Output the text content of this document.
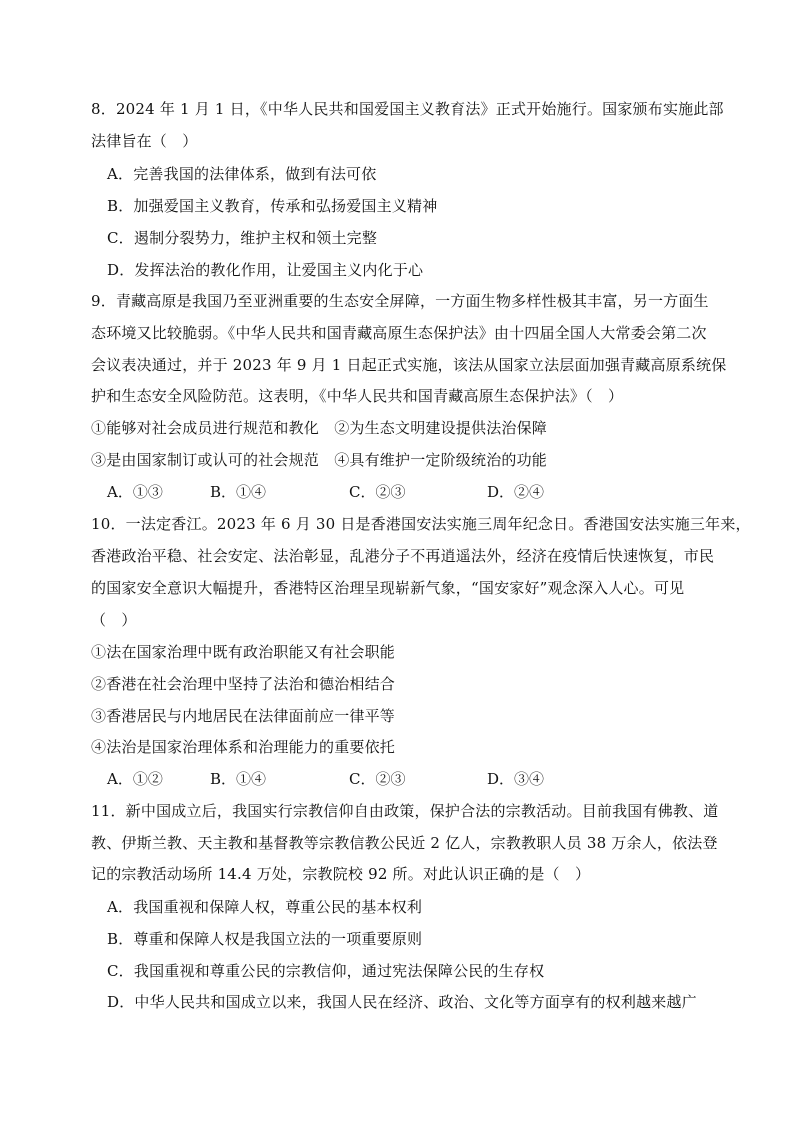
8．2024 年 1 月 1 日，《中华人民共和国爱国主义教育法》正式开始施行。国家颁布实施此部
法律旨在（　）
A．完善我国的法律体系，做到有法可依
B．加强爱国主义教育，传承和弘扬爱国主义精神
C．遏制分裂势力，维护主权和领土完整
D．发挥法治的教化作用，让爱国主义内化于心
9．青藏高原是我国乃至亚洲重要的生态安全屏障，一方面生物多样性极其丰富，另一方面生
态环境又比较脆弱。《中华人民共和国青藏高原生态保护法》由十四届全国人大常委会第二次
会议表决通过，并于 2023 年 9 月 1 日起正式实施，该法从国家立法层面加强青藏高原系统保
护和生态安全风险防范。这表明，《中华人民共和国青藏高原生态保护法》（　）
①能够对社会成员进行规范和教化　②为生态文明建设提供法治保障
③是由国家制订或认可的社会规范　④具有维护一定阶级统治的功能
A．①③	B．①④	C．②③	D．②④
10．一法定香江。2023 年 6 月 30 日是香港国安法实施三周年纪念日。香港国安法实施三年来，
香港政治平稳、社会安定、法治彰显，乱港分子不再逍遥法外，经济在疫情后快速恢复，市民
的国家安全意识大幅提升，香港特区治理呈现崭新气象，“国安家好”观念深入人心。可见
（　）
①法在国家治理中既有政治职能又有社会职能
②香港在社会治理中坚持了法治和德治相结合
③香港居民与内地居民在法律面前应一律平等
④法治是国家治理体系和治理能力的重要依托
A．①②	B．①④	C．②③	D．③④
11．新中国成立后，我国实行宗教信仰自由政策，保护合法的宗教活动。目前我国有佛教、道
教、伊斯兰教、天主教和基督教等宗教信教公民近 2 亿人，宗教教职人员 38 万余人，依法登
记的宗教活动场所 14.4 万处，宗教院校 92 所。对此认识正确的是（　）
A．我国重视和保障人权，尊重公民的基本权利
B．尊重和保障人权是我国立法的一项重要原则
C．我国重视和尊重公民的宗教信仰，通过宪法保障公民的生存权
D．中华人民共和国成立以来，我国人民在经济、政治、文化等方面享有的权利越来越广
